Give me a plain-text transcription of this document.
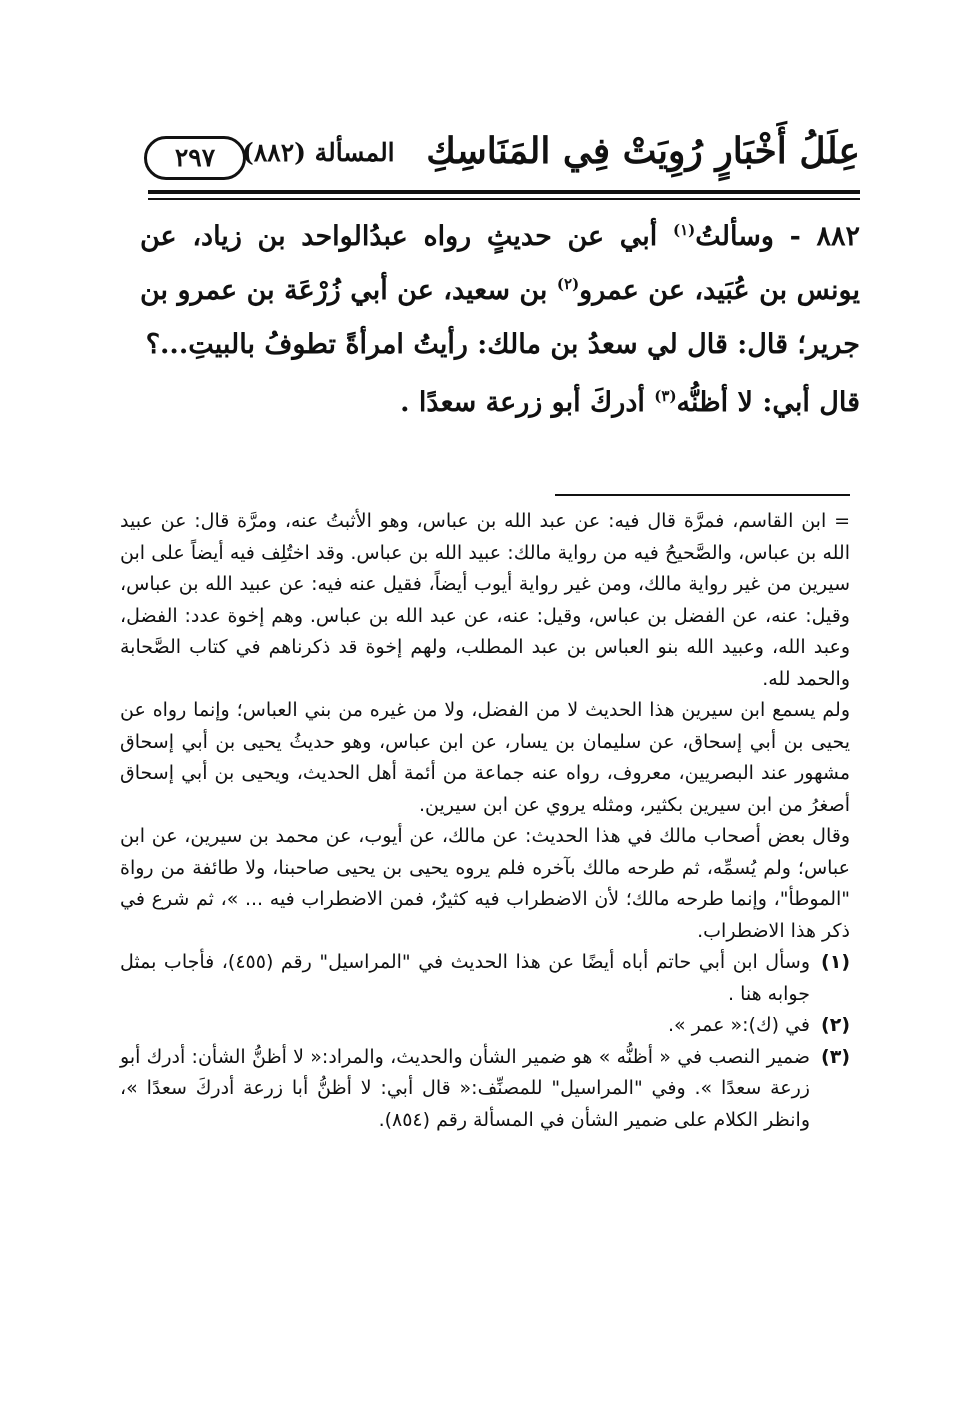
عِلَلُ أَخْبَارٍ رُوِيَتْ فِي المَنَاسِكِ
المسألة (٨٨٢)
٢٩٧

٨٨٢ - وسألتُ$^{(١)}$ أبي عن حديثٍ رواه عبدُالواحد بن زياد، عن يونس بن عُبَيد، عن عمرو$^{(٢)}$ بن سعيد، عن أبي زُرْعَة بن عمرو بن جرير؛ قال: قال لي سعدُ بن مالك: رأيتُ امرأةً تطوفُ بالبيتِ...؟

قال أبي: لا أظنُّه$^{(٣)}$ أدركَ أبو زرعة سعدًا .

= ابن القاسم، فمرَّة قال فيه: عن عبد الله بن عباس، وهو الأثبتُ عنه، ومرَّة قال: عن عبيد الله بن عباس، والصَّحيحُ فيه من رواية مالك: عبيد الله بن عباس. وقد اختُلِف فيه أيضاً على ابن سيرين من غير رواية مالك، ومن غير رواية أيوب أيضاً، فقيل عنه فيه: عن عبيد الله بن عباس، وقيل: عنه، عن الفضل بن عباس، وقيل: عنه، عن عبد الله بن عباس. وهم إخوة عدد: الفضل، وعبد الله، وعبيد الله بنو العباس بن عبد المطلب، ولهم إخوة قد ذكرناهم في كتاب الصَّحابة والحمد لله.

ولم يسمع ابن سيرين هذا الحديث لا من الفضل، ولا من غيره من بني العباس؛ وإنما رواه عن يحيى بن أبي إسحاق، عن سليمان بن يسار، عن ابن عباس، وهو حديثُ يحيى بن أبي إسحاق مشهور عند البصريين، معروف، رواه عنه جماعة من أئمة أهل الحديث، ويحيى بن أبي إسحاق أصغرُ من ابن سيرين بكثير، ومثله يروي عن ابن سيرين.

وقال بعض أصحاب مالك في هذا الحديث: عن مالك، عن أيوب، عن محمد بن سيرين، عن ابن عباس؛ ولم يُسمِّه، ثم طرحه مالك بآخره فلم يروه يحيى بن يحيى صاحبنا، ولا طائفة من رواة "الموطأ"، وإنما طرحه مالك؛ لأن الاضطراب فيه كثيرٌ، فمن الاضطراب فيه ... »، ثم شرع في ذكر هذا الاضطراب.

(١)
وسأل ابن أبي حاتم أباه أيضًا عن هذا الحديث في "المراسيل" رقم (٤٥٥)، فأجاب بمثل جوابه هنا .
(٢)
في (ك):« عمر ».
(٣)
ضمير النصب في « أظنُّه » هو ضمير الشأن والحديث، والمراد:« لا أظنُّ الشأن: أدرك أبو زرعة سعدًا ». وفي "المراسيل" للمصنِّف:« قال أبي: لا أظنُّ أبا زرعة أدركَ سعدًا »، وانظر الكلام على ضمير الشأن في المسألة رقم (٨٥٤).
